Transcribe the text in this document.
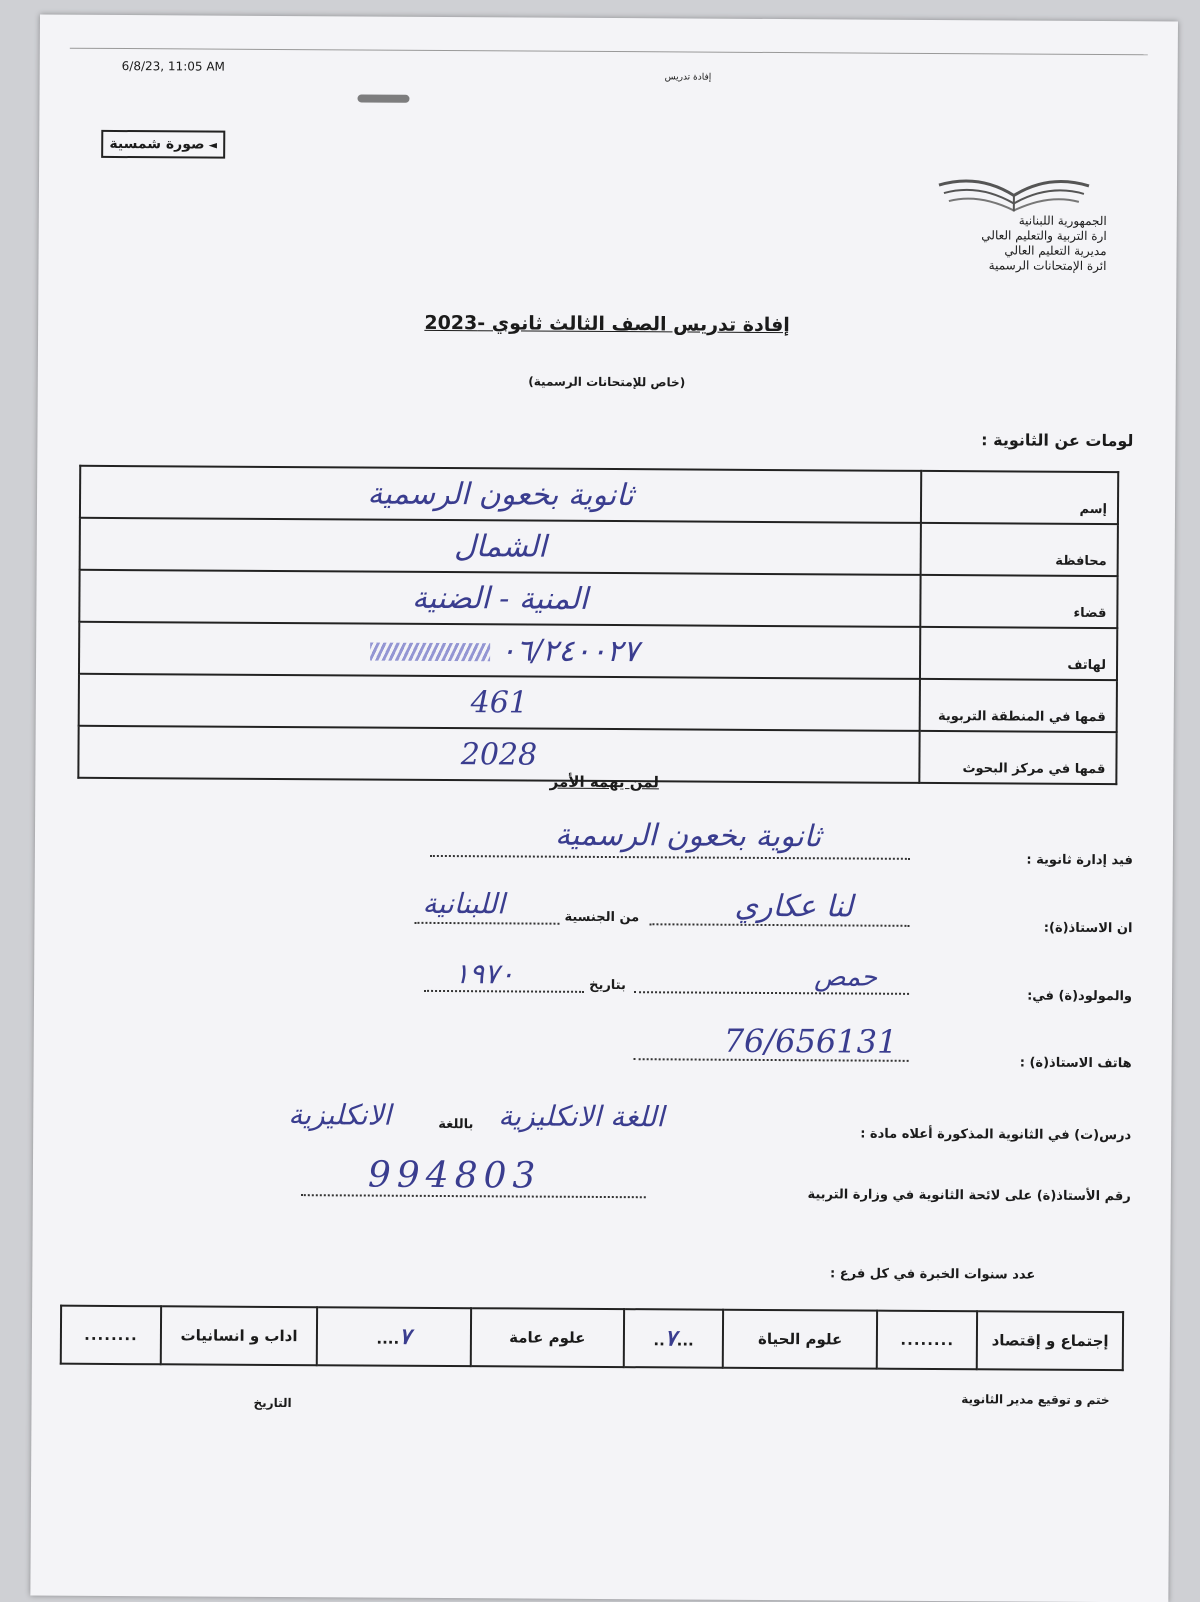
6/8/23, 11:05 AM
إفادة تدريس
صورة شمسية ◄
الجمهورية اللبنانية
ارة التربية والتعليم العالي
مديرية التعليم العالي
ائرة الإمتحانات الرسمية
إفادة تدريس الصف الثالث ثانوي -2023
(خاص للإمتحانات الرسمية)
لومات عن الثانوية :
ثانوية بخعون الرسمية	إسم
الشمال	محافظة
المنية - الضنية	قضاء
٠٦/٢٤٠٠٢٧	لهاتف
461	قمها في المنطقة التربوية
2028	قمها في مركز البحوث
لمن يهمه الأمر
فيد إدارة ثانوية :
ثانوية بخعون الرسمية
ان الاستاذ(ة):
لنا عكاري
من الجنسية
اللبنانية
والمولود(ة) في:
حمص
بتاريخ
١٩٧٠
هاتف الاستاذ(ة) :
76/656131
درس(ت) في الثانوية المذكورة أعلاه مادة :
اللغة الانكليزية
باللغة
الانكليزية
رقم الأستاذ(ة) على لائحة الثانوية في وزارة التربية
994803
عدد سنوات الخبرة في كل فرع :
........	اداب و انسانيات	٧....	علوم عامة	...٧..	علوم الحياة	........	إجتماع و إقتصاد
ختم و توقيع مدير الثانوية
التاريخ
